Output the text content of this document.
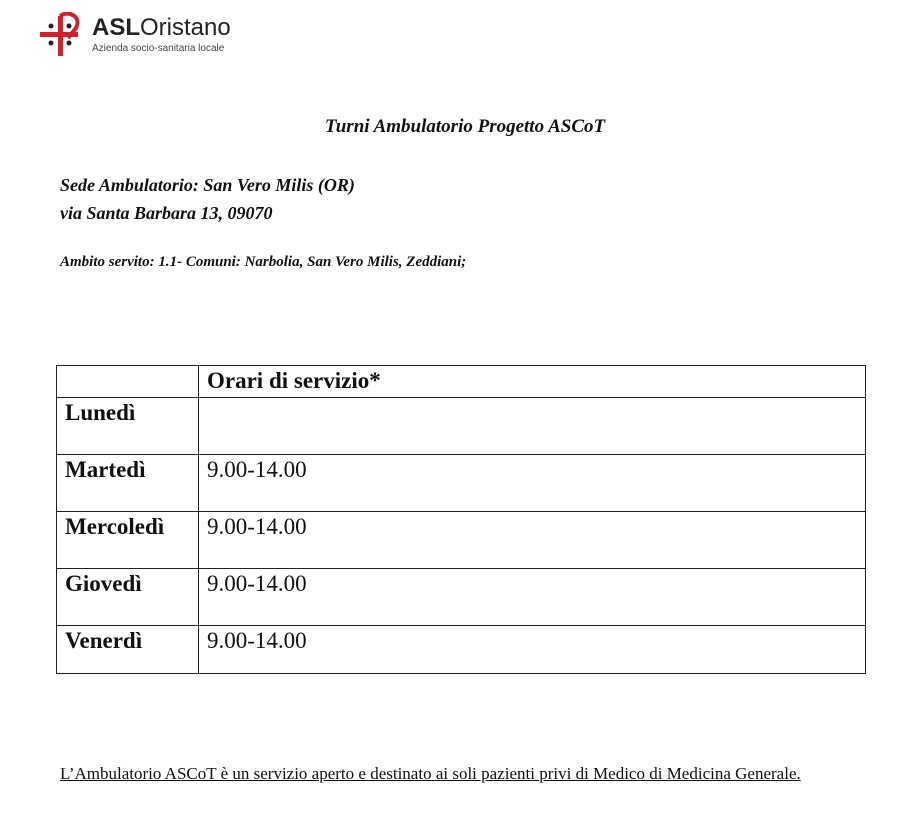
ASLOristano
Azienda socio-sanitaria locale
Turni Ambulatorio Progetto ASCoT
Sede Ambulatorio: San Vero Milis (OR)
via Santa Barbara 13, 09070
Ambito servito: 1.1- Comuni: Narbolia, San Vero Milis, Zeddiani;
	Orari di servizio*
Lunedì	
Martedì	9.00-14.00
Mercoledì	9.00-14.00
Giovedì	9.00-14.00
Venerdì	9.00-14.00
L’Ambulatorio ASCoT è un servizio aperto e destinato ai soli pazienti privi di Medico di Medicina Generale.
